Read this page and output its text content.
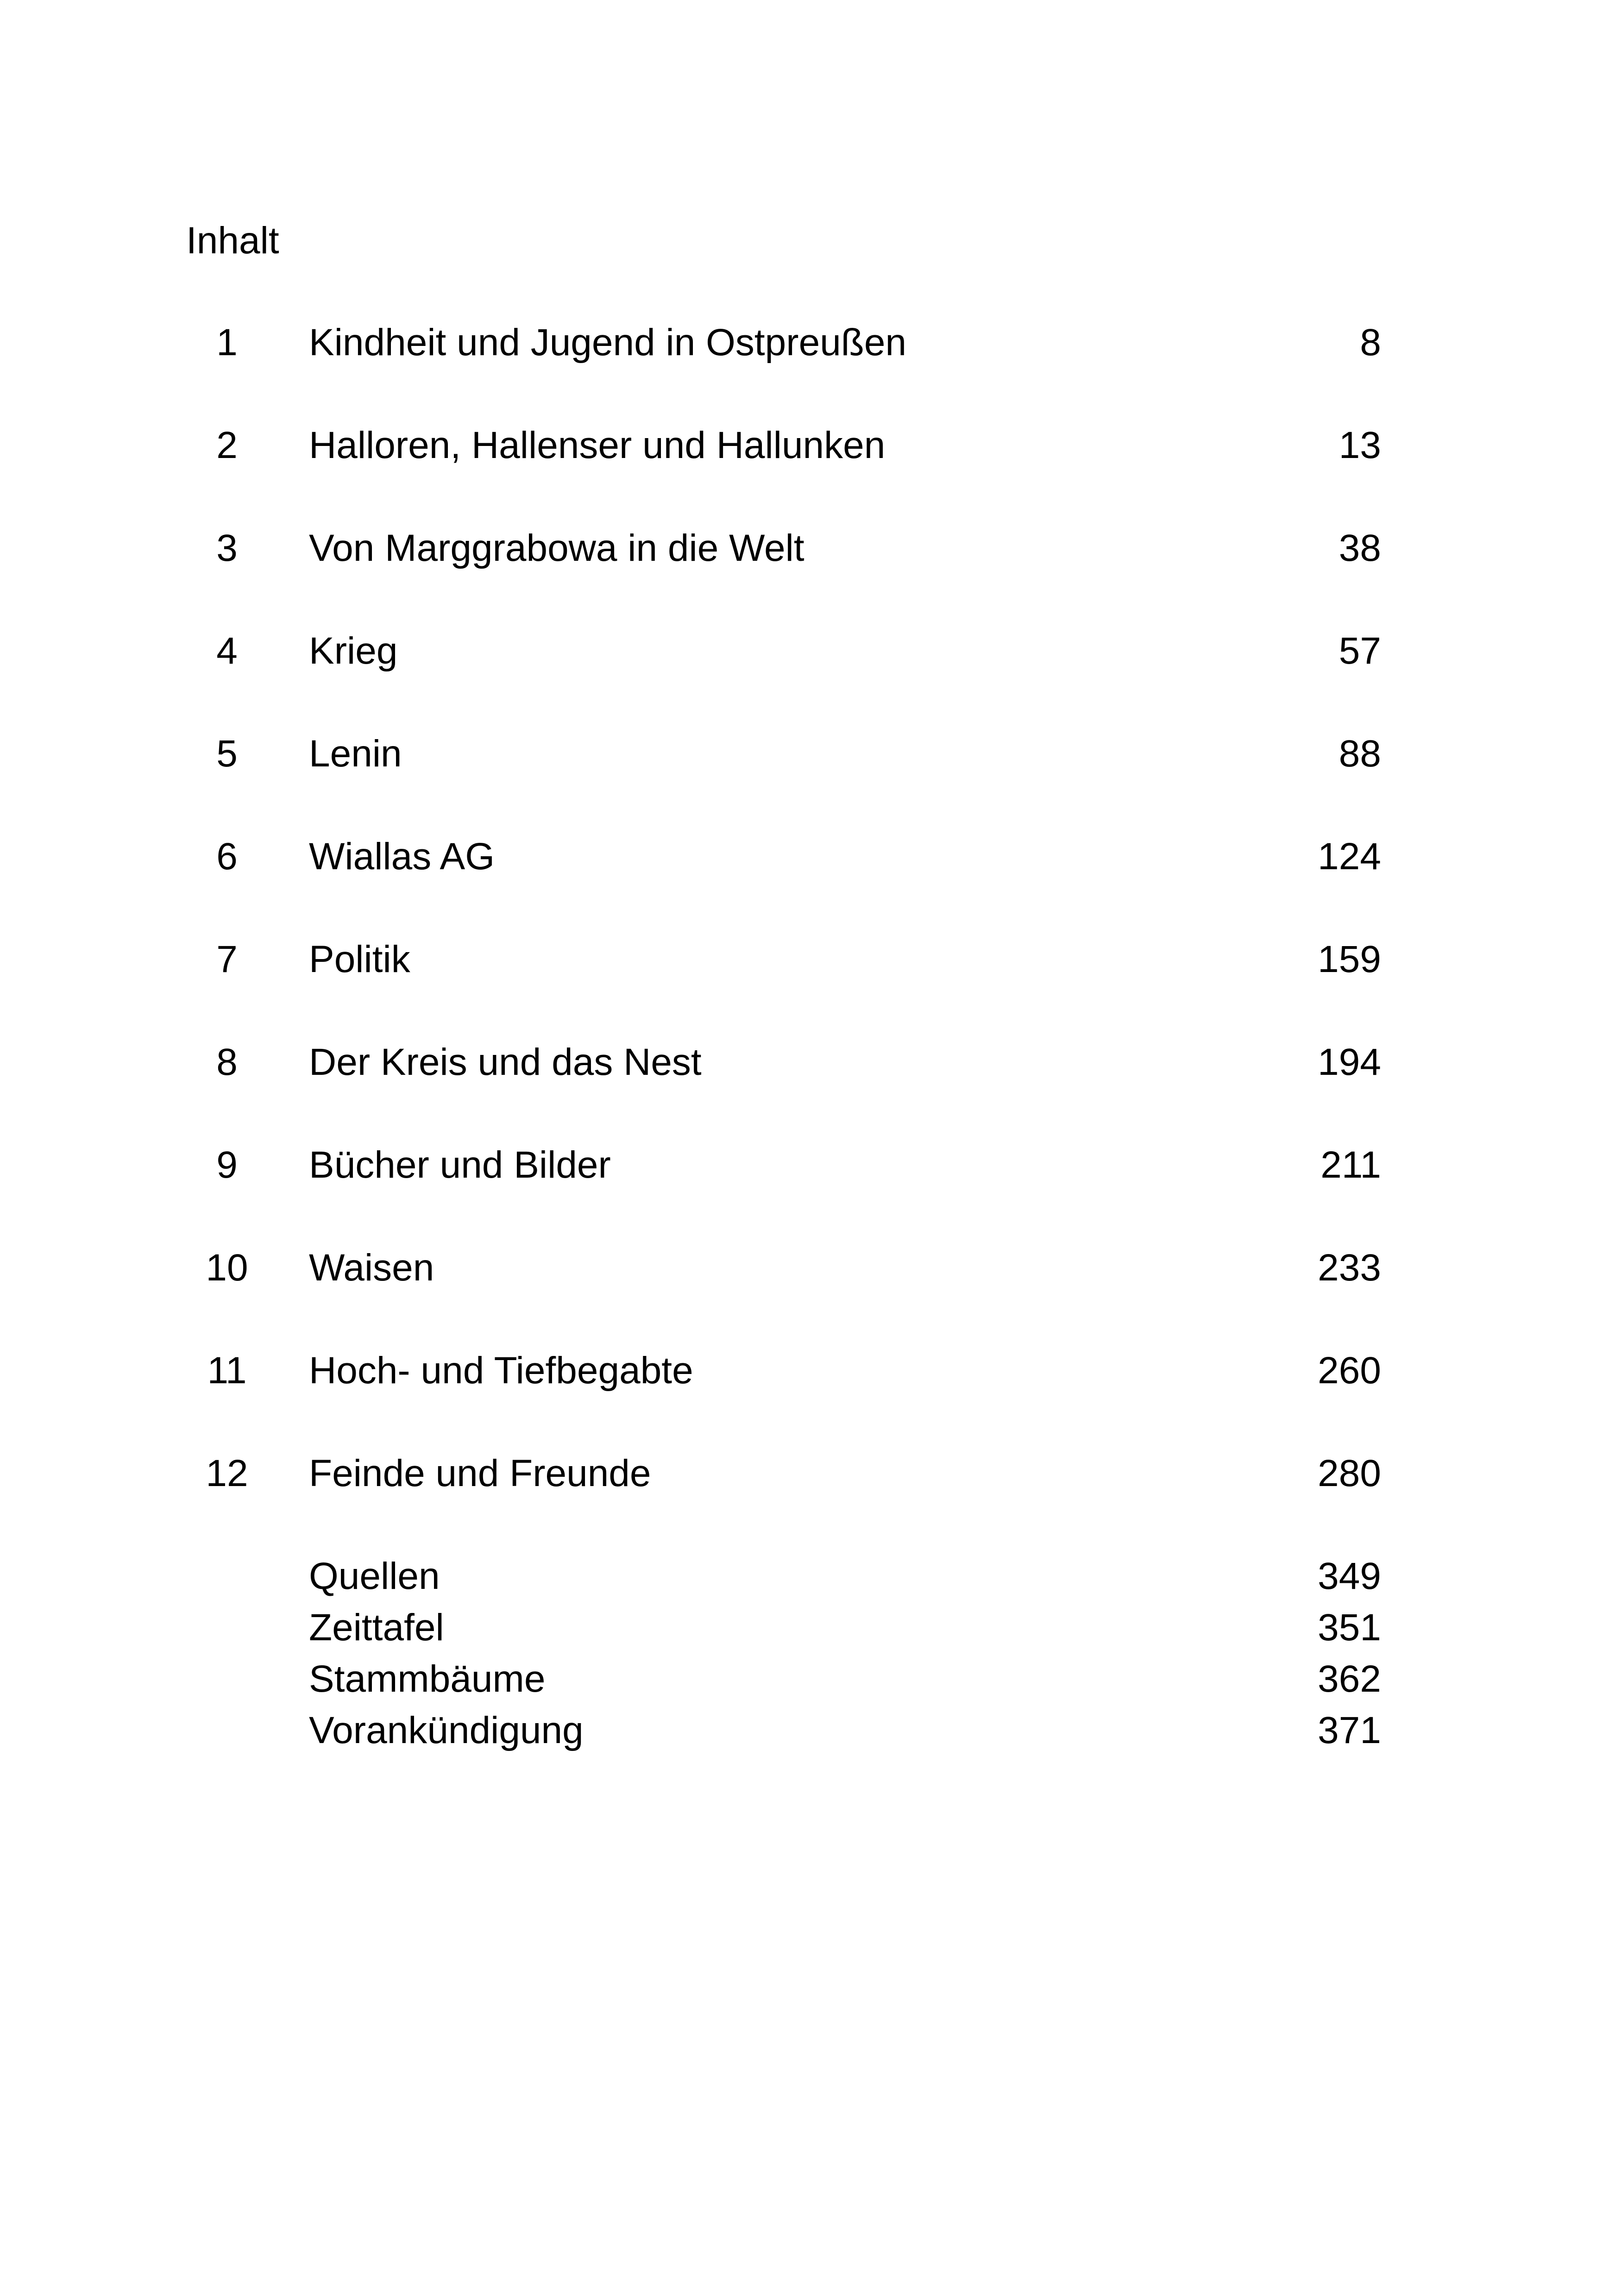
Inhalt
1	Kindheit und Jugend in Ostpreußen	8
2	Halloren, Hallenser und Hallunken	13
3	Von Marggrabowa in die Welt	38
4	Krieg	57
5	Lenin	88
6	Wiallas AG	124
7	Politik	159
8	Der Kreis und das Nest	194
9	Bücher und Bilder	211
10	Waisen	233
11	Hoch- und Tiefbegabte	260
12	Feinde und Freunde	280
Quellen	349
Zeittafel	351
Stammbäume	362
Vorankündigung	371
